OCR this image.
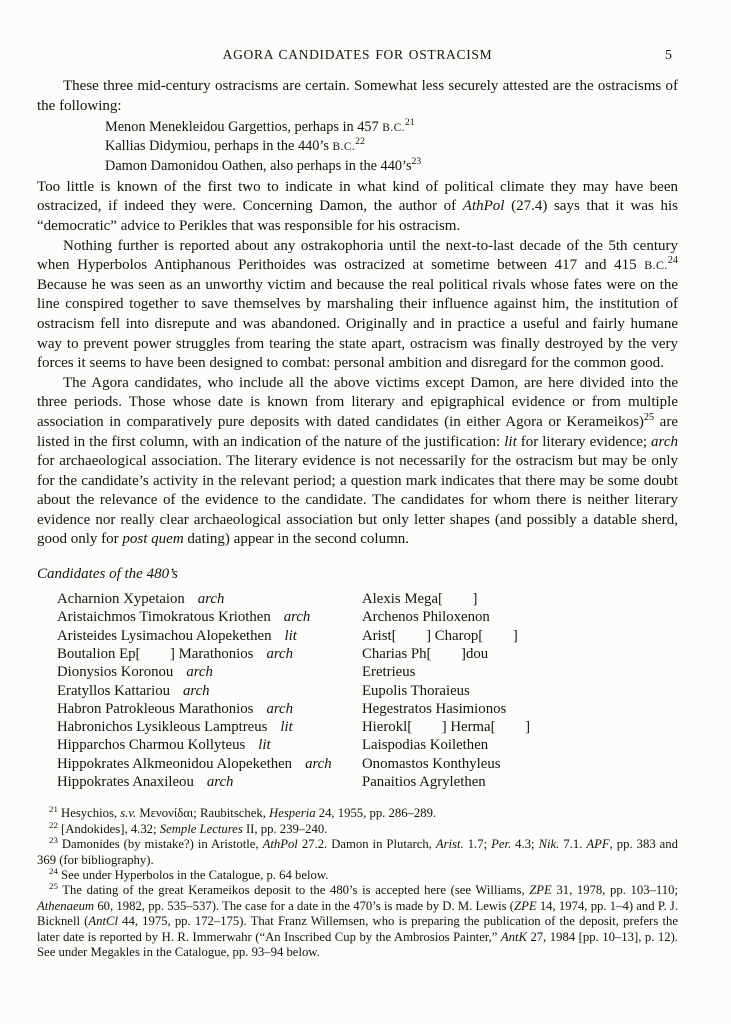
AGORA CANDIDATES FOR OSTRACISM	5

These three mid-century ostracisms are certain. Somewhat less securely attested are the ostracisms of the following:

Menon Menekleidou Gargettios, perhaps in 457 B.C.$^{21}$
Kallias Didymiou, perhaps in the 440’s B.C.$^{22}$
Damon Damonidou Oathen, also perhaps in the $440’s^{23}$

Too little is known of the first two to indicate in what kind of political climate they may have been ostracized, if indeed they were. Concerning Damon, the author of AthPol (27.4) says that it was his “democratic” advice to Perikles that was responsible for his ostracism.

Nothing further is reported about any ostrakophoria until the next-to-last decade of the 5th century when Hyperbolos Antiphanous Perithoides was ostracized at sometime between 417 and 415 B.C.$^{24}$ Because he was seen as an unworthy victim and because the real political rivals whose fates were on the line conspired together to save themselves by marshaling their influence against him, the institution of ostracism fell into disrepute and was abandoned. Originally and in practice a useful and fairly humane way to prevent power struggles from tearing the state apart, ostracism was finally destroyed by the very forces it seems to have been designed to combat: personal ambition and disregard for the common good.

The Agora candidates, who include all the above victims except Damon, are here divided into the three periods. Those whose date is known from literary and epigraphical evidence or from multiple association in comparatively pure deposits with dated candidates (in either Agora or Kerameikos)$^{25}$ are listed in the first column, with an indication of the nature of the justification: lit for literary evidence; arch for archaeological association. The literary evidence is not necessarily for the ostracism but may be only for the candidate’s activity in the relevant period; a question mark indicates that there may be some doubt about the relevance of the evidence to the candidate. The candidates for whom there is neither literary evidence nor really clear archaeological association but only letter shapes (and possibly a datable sherd, good only for post quem dating) appear in the second column.

Candidates of the 480’s
Acharnion Xypetaion arch
Aristaichmos Timokratous Kriothen arch
Aristeides Lysimachou Alopekethen lit
Boutalion Ep[  ] Marathonios arch
Dionysios Koronou arch
Eratyllos Kattariou arch
Habron Patrokleous Marathonios arch
Habronichos Lysikleous Lamptreus lit
Hipparchos Charmou Kollyteus lit
Hippokrates Alkmeonidou Alopekethen arch
Hippokrates Anaxileou arch
Alexis Mega[  ]
Archenos Philoxenon
Arist[  ] Charop[  ]
Charias Ph[  ]dou
Eretrieus
Eupolis Thoraieus
Hegestratos Hasimionos
Hierokl[  ] Herma[  ]
Laispodias Koilethen
Onomastos Konthyleus
Panaitios Agrylethen

$^{21}$ Hesychios, s.v. Μενονίδαι; Raubitschek, Hesperia 24, 1955, pp. 286–289.

$^{22}$ [Andokides], 4.32; Semple Lectures II, pp. 239–240.

$^{23}$ Damonides (by mistake?) in Aristotle, AthPol 27.2. Damon in Plutarch, Arist. 1.7; Per. 4.3; Nik. 7.1. APF, pp. 383 and 369 (for bibliography).

$^{24}$ See under Hyperbolos in the Catalogue, p. 64 below.

$^{25}$ The dating of the great Kerameikos deposit to the 480’s is accepted here (see Williams, ZPE 31, 1978, pp. 103–110; Athenaeum 60, 1982, pp. 535–537). The case for a date in the 470’s is made by D. M. Lewis (ZPE 14, 1974, pp. 1–4) and P. J. Bicknell (AntCl 44, 1975, pp. 172–175). That Franz Willemsen, who is preparing the publication of the deposit, prefers the later date is reported by H. R. Immerwahr (“An Inscribed Cup by the Ambrosios Painter,” AntK 27, 1984 [pp. 10–13], p. 12). See under Megakles in the Catalogue, pp. 93–94 below.
